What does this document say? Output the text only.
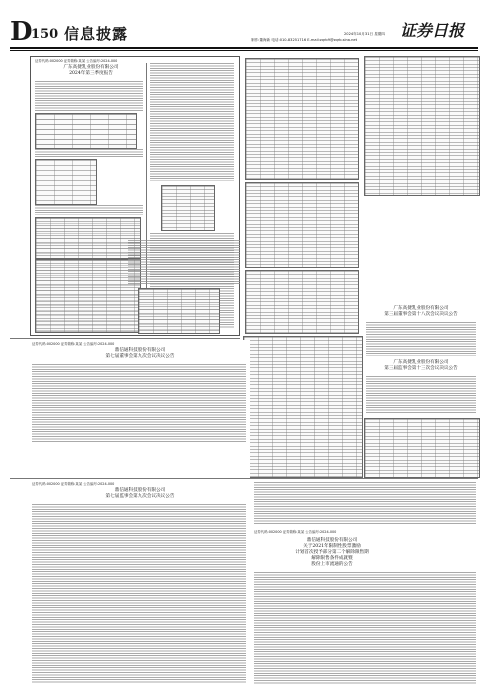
D 150 信息披露	2024年10月31日 星期四
制作:董海新 电话:010-83251716 E-mail:zqrb9@zqrb.sina.net	证券日报
证券代码:002000 证券简称:某某 公告编号:2024-000
广东高捷乳业股份有限公司
2024年第三季度报告
广东高捷乳业股份有限公司
第三届董事会第十八次会议决议公告
广东高捷乳业股份有限公司
第三届监事会第十三次会议决议公告
证券代码:002000 证券简称:某某 公告编号:2024-000
鼎信通科技股份有限公司
第七届董事会第九次会议决议公告
证券代码:002000 证券简称:某某 公告编号:2024-000
鼎信通科技股份有限公司
第七届监事会第九次会议决议公告
证券代码:002000 证券简称:某某 公告编号:2024-000
鼎信通科技股份有限公司
关于2021年限制性股票激励
计划首次授予部分第二个解除限售期
解除限售条件成就暨
股份上市流通的公告
